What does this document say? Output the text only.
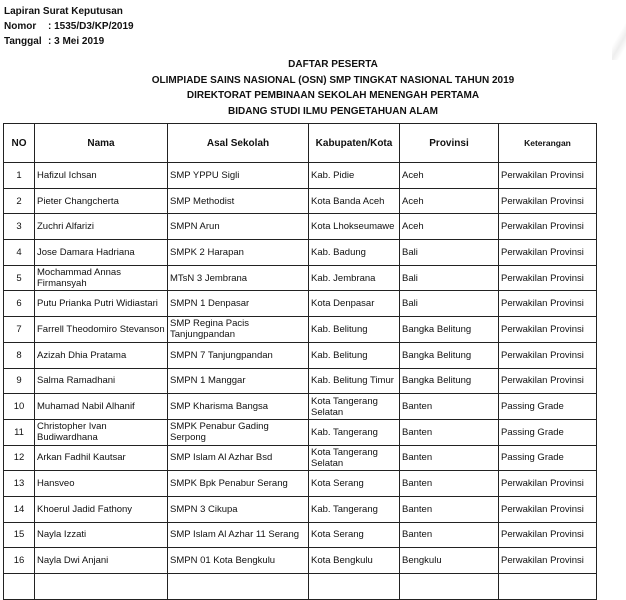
Lapiran Surat Keputusan
Nomor : 1535/D3/KP/2019
Tanggal : 3 Mei 2019
DAFTAR PESERTA
OLIMPIADE SAINS NASIONAL (OSN) SMP TINGKAT NASIONAL TAHUN 2019
DIREKTORAT PEMBINAAN SEKOLAH MENENGAH PERTAMA
BIDANG STUDI ILMU PENGETAHUAN ALAM
NO	Nama	Asal Sekolah	Kabupaten/Kota	Provinsi	Keterangan
1	Hafizul Ichsan	SMP YPPU Sigli	Kab. Pidie	Aceh	Perwakilan Provinsi
2	Pieter Changcherta	SMP Methodist	Kota Banda Aceh	Aceh	Perwakilan Provinsi
3	Zuchri Alfarizi	SMPN Arun	Kota Lhokseumawe	Aceh	Perwakilan Provinsi
4	Jose Damara Hadriana	SMPK 2 Harapan	Kab. Badung	Bali	Perwakilan Provinsi
5	Mochammad Annas Firmansyah	MTsN 3 Jembrana	Kab. Jembrana	Bali	Perwakilan Provinsi
6	Putu Prianka Putri Widiastari	SMPN 1 Denpasar	Kota Denpasar	Bali	Perwakilan Provinsi
7	Farrell Theodomiro Stevanson	SMP Regina Pacis Tanjungpandan	Kab. Belitung	Bangka Belitung	Perwakilan Provinsi
8	Azizah Dhia Pratama	SMPN 7 Tanjungpandan	Kab. Belitung	Bangka Belitung	Perwakilan Provinsi
9	Salma Ramadhani	SMPN 1 Manggar	Kab. Belitung Timur	Bangka Belitung	Perwakilan Provinsi
10	Muhamad Nabil Alhanif	SMP Kharisma Bangsa	Kota Tangerang Selatan	Banten	Passing Grade
11	Christopher Ivan Budiwardhana	SMPK Penabur Gading Serpong	Kab. Tangerang	Banten	Passing Grade
12	Arkan Fadhil Kautsar	SMP Islam Al Azhar Bsd	Kota Tangerang Selatan	Banten	Passing Grade
13	Hansveo	SMPK Bpk Penabur Serang	Kota Serang	Banten	Perwakilan Provinsi
14	Khoerul Jadid Fathony	SMPN 3 Cikupa	Kab. Tangerang	Banten	Perwakilan Provinsi
15	Nayla Izzati	SMP Islam Al Azhar 11 Serang	Kota Serang	Banten	Perwakilan Provinsi
16	Nayla Dwi Anjani	SMPN 01 Kota Bengkulu	Kota Bengkulu	Bengkulu	Perwakilan Provinsi
